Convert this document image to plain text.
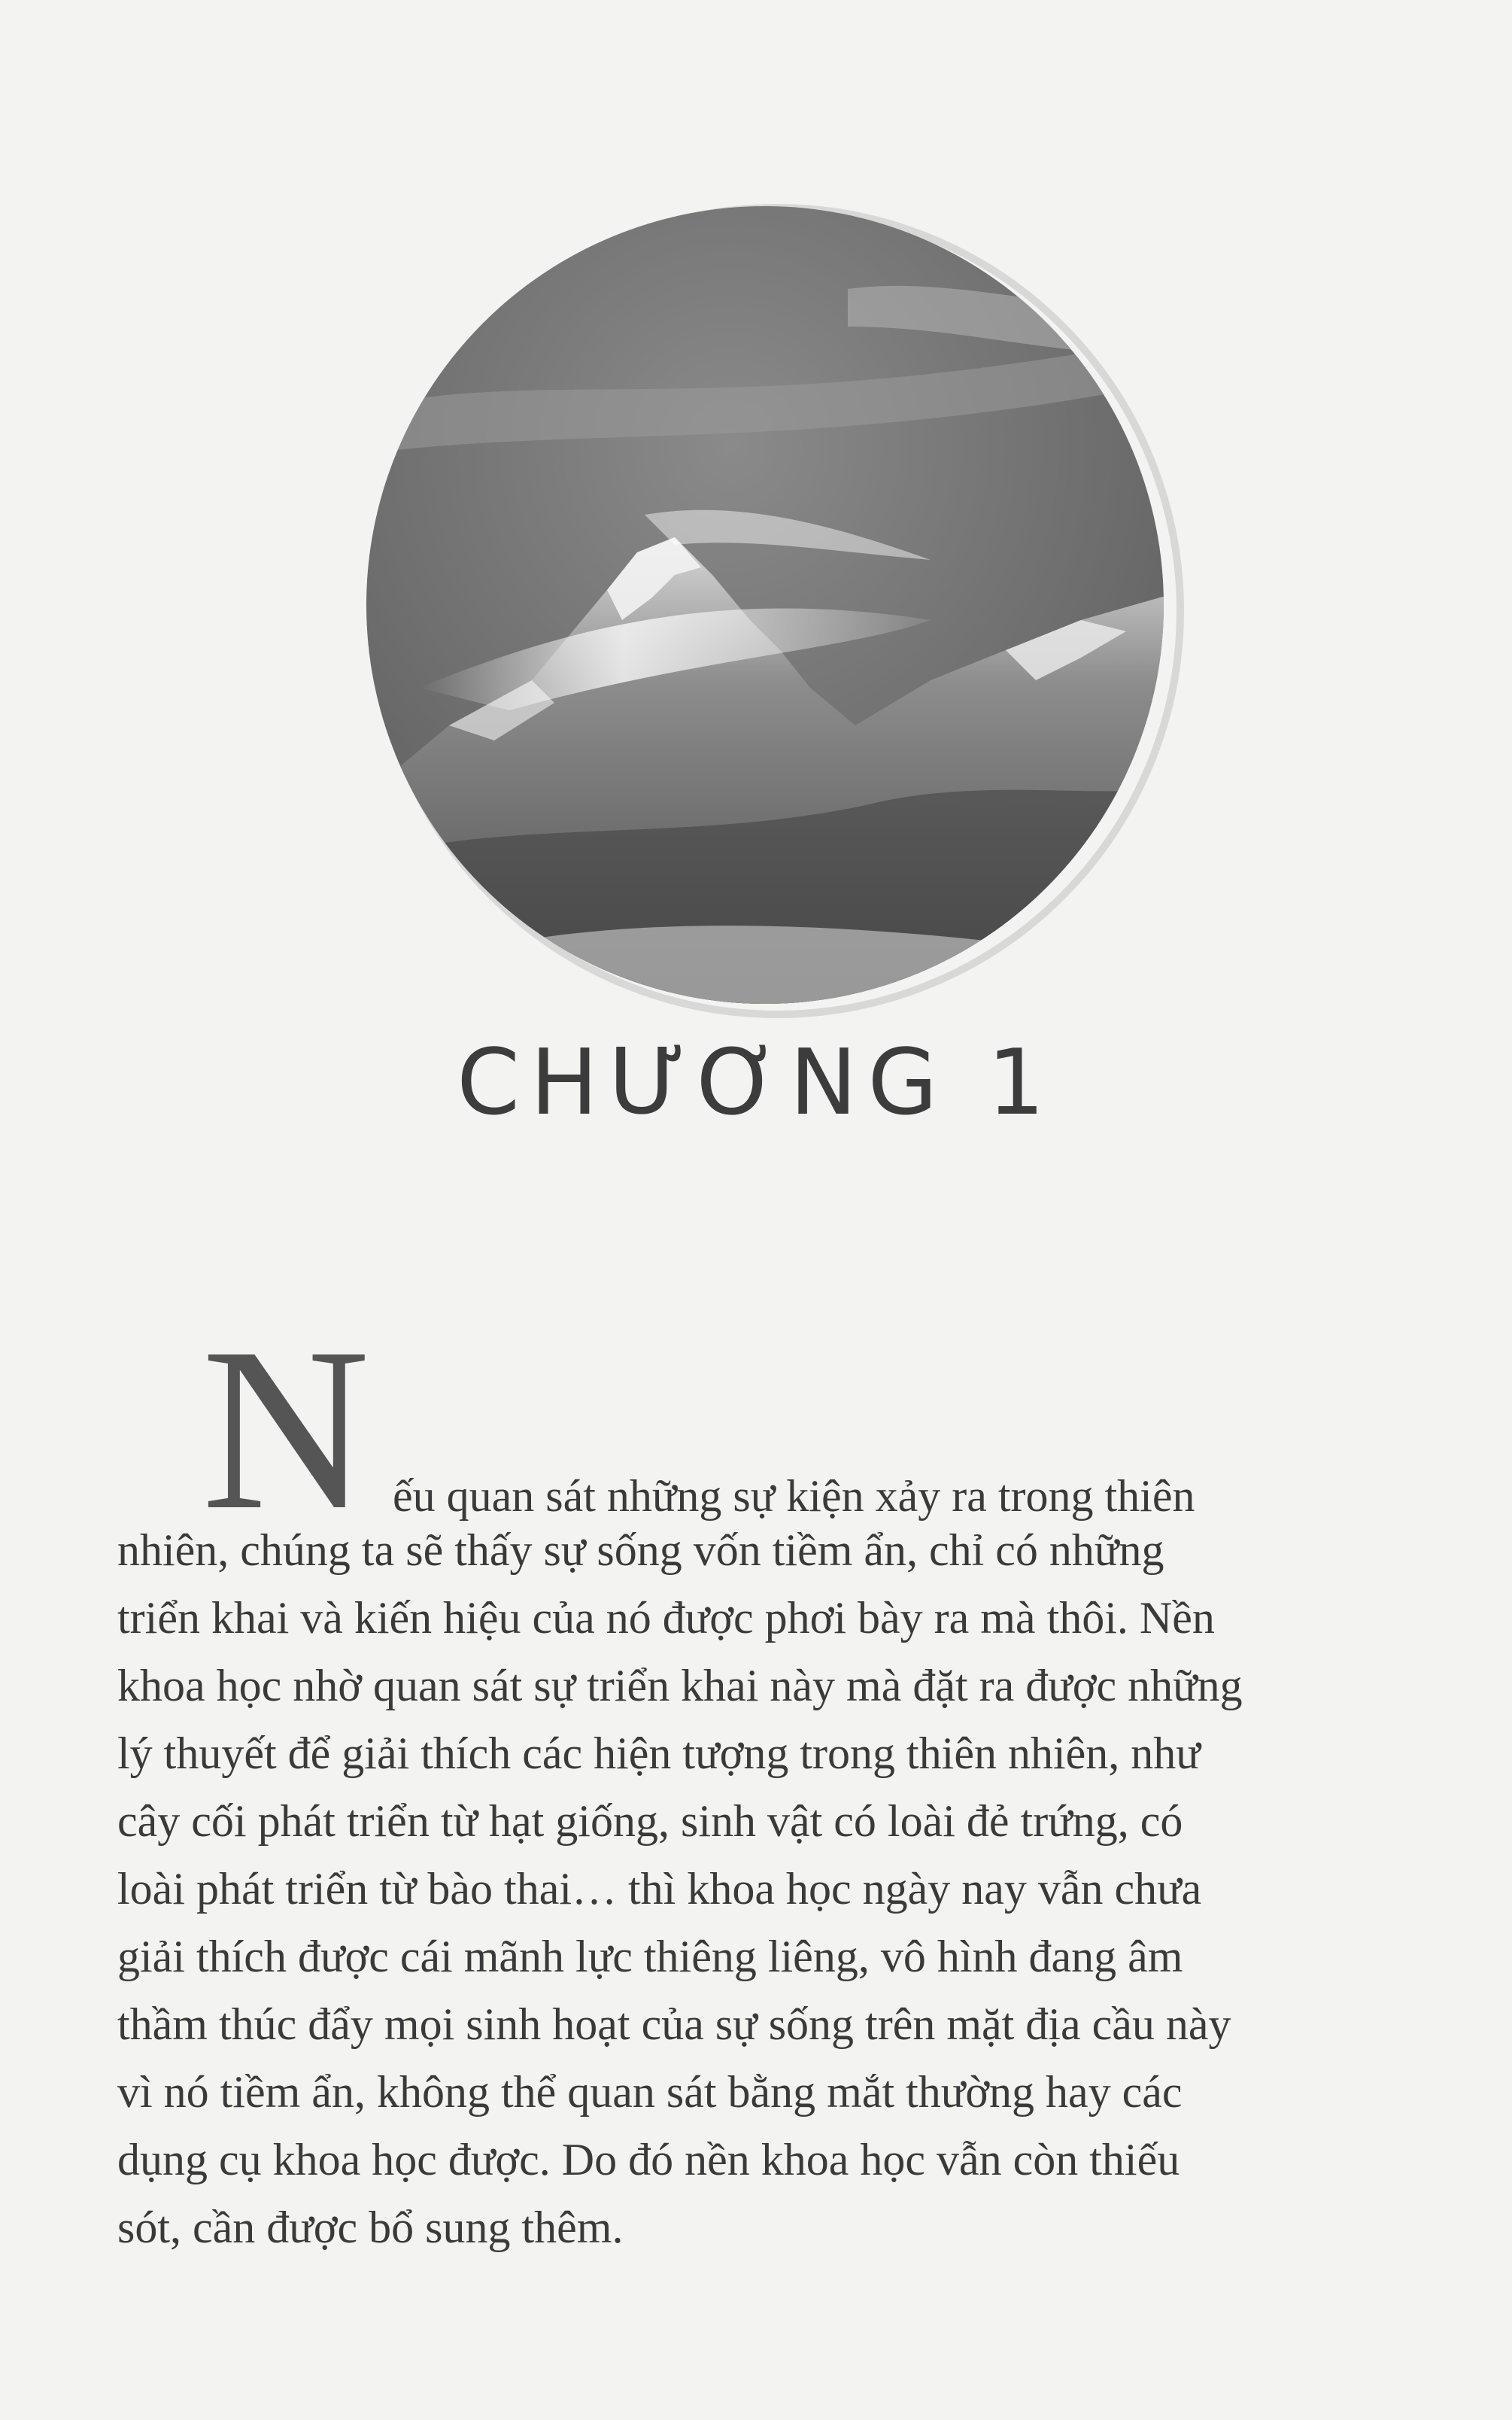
CHƯƠNG 1
N ếu quan sát những sự kiện xảy ra trong thiên
nhiên, chúng ta sẽ thấy sự sống vốn tiềm ẩn, chỉ có những
triển khai và kiến hiệu của nó được phơi bày ra mà thôi. Nền
khoa học nhờ quan sát sự triển khai này mà đặt ra được những
lý thuyết để giải thích các hiện tượng trong thiên nhiên, như
cây cối phát triển từ hạt giống, sinh vật có loài đẻ trứng, có
loài phát triển từ bào thai… thì khoa học ngày nay vẫn chưa
giải thích được cái mãnh lực thiêng liêng, vô hình đang âm
thầm thúc đẩy mọi sinh hoạt của sự sống trên mặt địa cầu này
vì nó tiềm ẩn, không thể quan sát bằng mắt thường hay các
dụng cụ khoa học được. Do đó nền khoa học vẫn còn thiếu
sót, cần được bổ sung thêm.
